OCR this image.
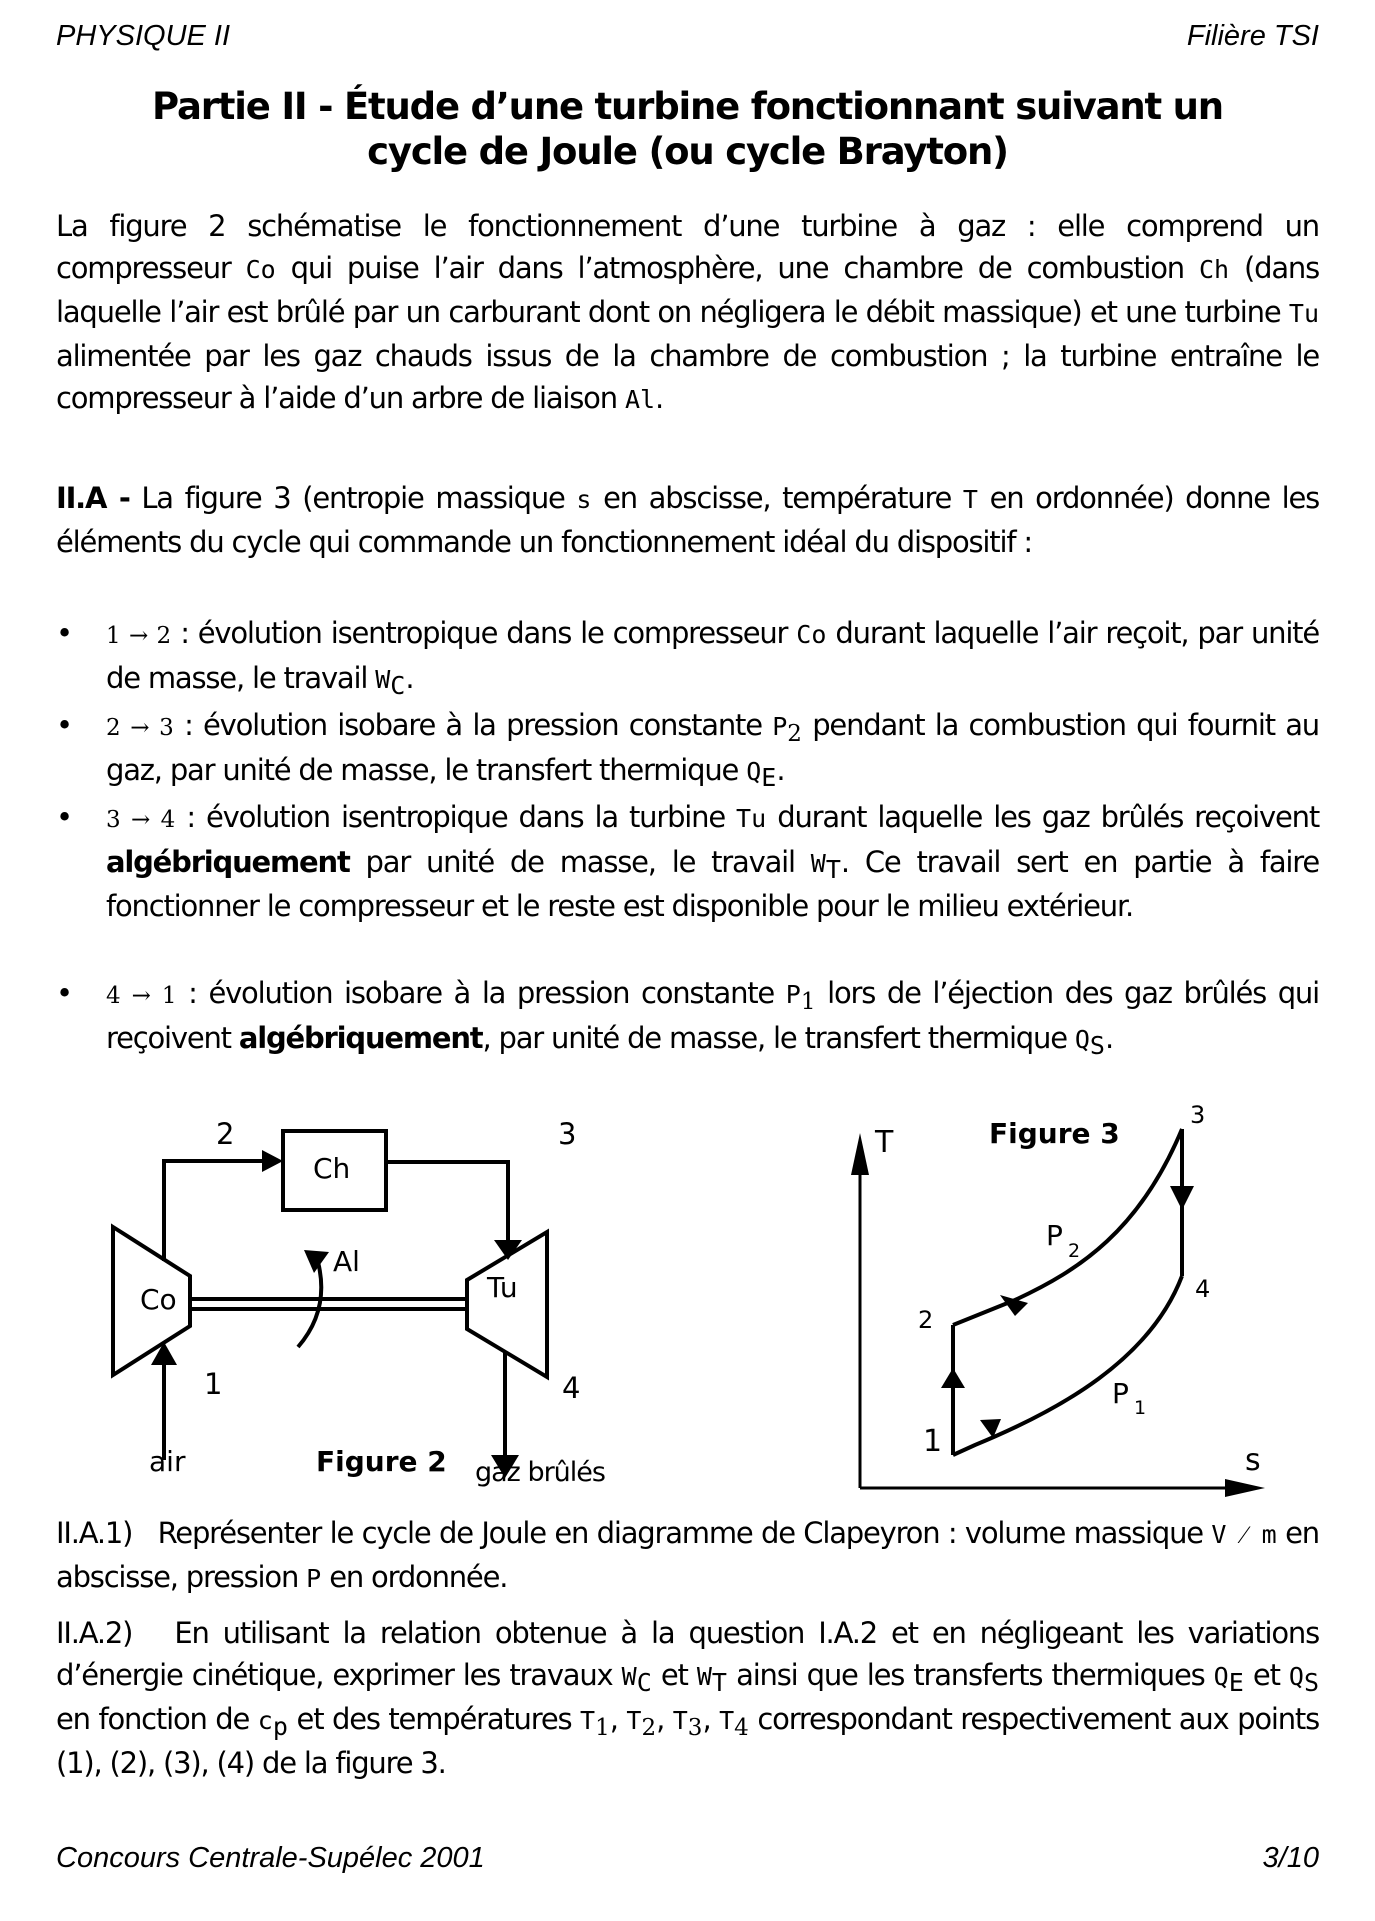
PHYSIQUE II	Filière TSI
Partie II - Étude d’une turbine fonctionnant suivant un
cycle de Joule (ou cycle Brayton)
La figure 2 schématise le fonctionnement d’une turbine à gaz : elle comprend un compresseur Co qui puise l’air dans l’atmosphère, une chambre de combustion Ch (dans laquelle l’air est brûlé par un carburant dont on négligera le débit massique) et une turbine Tu alimentée par les gaz chauds issus de la chambre de combustion ; la turbine entraîne le compresseur à l’aide d’un arbre de liaison Al.
II.A - La figure 3 (entropie massique s en abscisse, température T en ordonnée) donne les éléments du cycle qui commande un fonctionnement idéal du dispositif :
• 1 → 2 : évolution isentropique dans le compresseur Co durant laquelle l’air reçoit, par unité de masse, le travail $W_C$.
• 2 → 3 : évolution isobare à la pression constante $P_2$ pendant la combustion qui fournit au gaz, par unité de masse, le transfert thermique $Q_E$.
• 3 → 4 : évolution isentropique dans la turbine Tu durant laquelle les gaz brûlés reçoivent algébriquement par unité de masse, le travail $W_T$. Ce travail sert en partie à faire fonctionner le compresseur et le reste est disponible pour le milieu extérieur.
• 4 → 1 : évolution isobare à la pression constante $P_1$ lors de l’éjection des gaz brûlés qui reçoivent algébriquement, par unité de masse, le transfert thermique $Q_S$.
2	3
1	4
Ch
Co	Tu
Al
air	Figure 2 gaz brûlés
Figure 3
T
s
3
4
2
1
P 2
P 1
II.A.1) Représenter le cycle de Joule en diagramme de Clapeyron : volume massique V ⁄ m en abscisse, pression P en ordonnée.
II.A.2) En utilisant la relation obtenue à la question I.A.2 et en négligeant les variations d’énergie cinétique, exprimer les travaux $W_C$ et $W_T$ ainsi que les transferts thermiques $Q_E$ et $Q_S$ en fonction de $c_p$ et des températures $T_1$, $T_2$, $T_3$, $T_4$ correspondant respectivement aux points (1), (2), (3), (4) de la figure 3.
Concours Centrale-Supélec 2001	3/10
